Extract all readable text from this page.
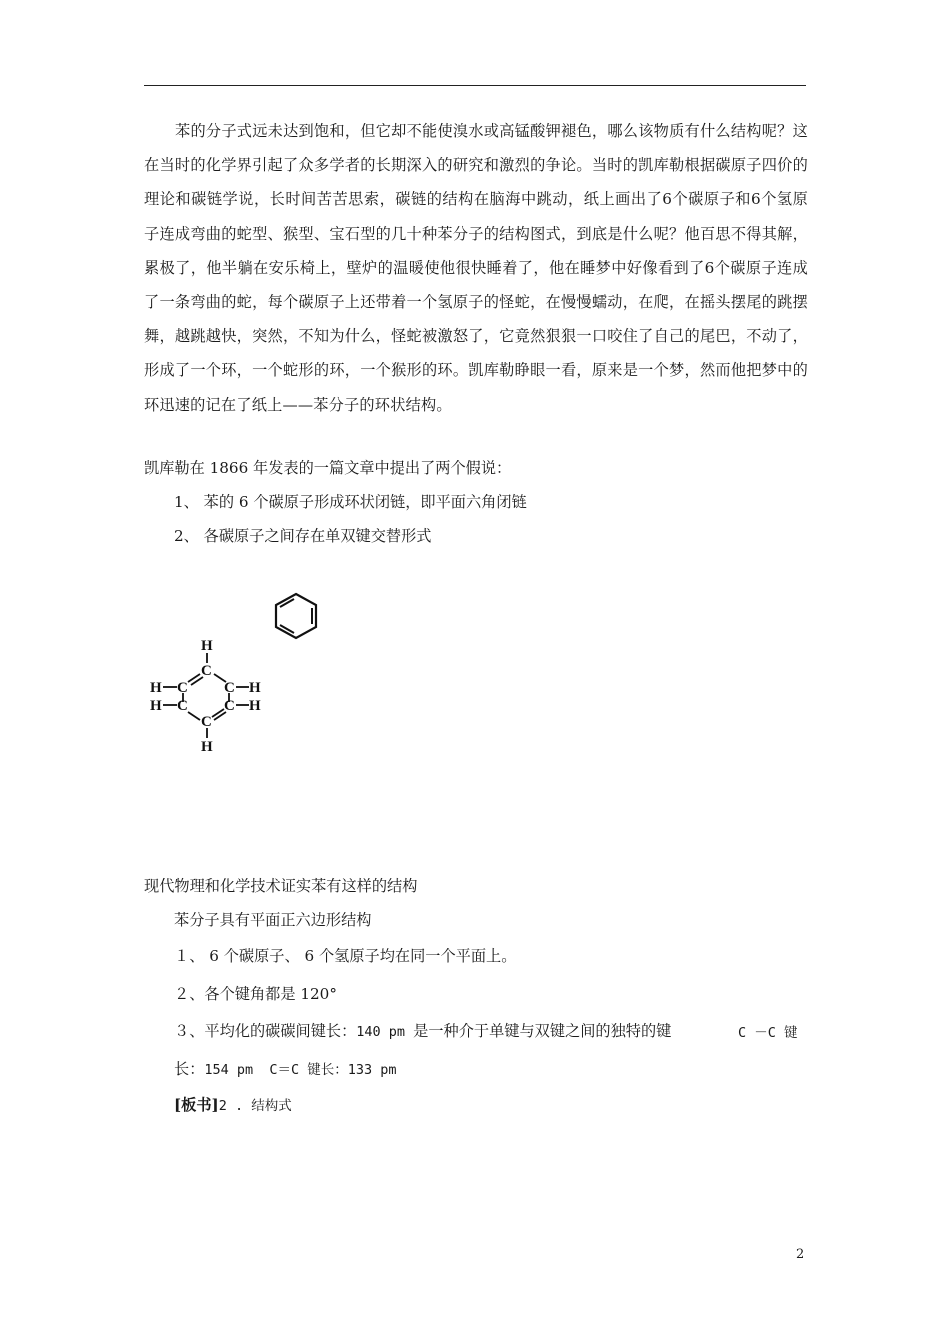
苯的分子式远未达到饱和，但它却不能使溴水或高锰酸钾褪色，哪么该物质有什么结构呢？这在当时的化学界引起了众多学者的长期深入的研究和激烈的争论。当时的凯库勒根据碳原子四价的理论和碳链学说，长时间苦苦思索，碳链的结构在脑海中跳动，纸上画出了6个碳原子和6个氢原子连成弯曲的蛇型、猴型、宝石型的几十种苯分子的结构图式，到底是什么呢？他百思不得其解，累极了，他半躺在安乐椅上，壁炉的温暖使他很快睡着了，他在睡梦中好像看到了6个碳原子连成了一条弯曲的蛇，每个碳原子上还带着一个氢原子的怪蛇，在慢慢蠕动，在爬，在摇头摆尾的跳摆舞，越跳越快，突然，不知为什么，怪蛇被激怒了，它竟然狠狠一口咬住了自己的尾巴，不动了，形成了一个环，一个蛇形的环，一个猴形的环。凯库勒睁眼一看，原来是一个梦，然而他把梦中的环迅速的记在了纸上——苯分子的环状结构。
凯库勒在 1866 年发表的一篇文章中提出了两个假说：
1、 苯的 6 个碳原子形成环状闭链，即平面六角闭链
2、 各碳原子之间存在单双键交替形式
H
C
C C
C C
C
H
H
H
H
H
现代物理和化学技术证实苯有这样的结构
苯分子具有平面正六边形结构
１、 6 个碳原子、 6 个氢原子均在同一个平面上。
２、各个键角都是 120°
３、平均化的碳碳间键长：140 pm 是一种介于单键与双键之间的独特的键	C －C 键
长：154 pm  C＝C 键长：133 pm
[板书]2 . 结构式
2
